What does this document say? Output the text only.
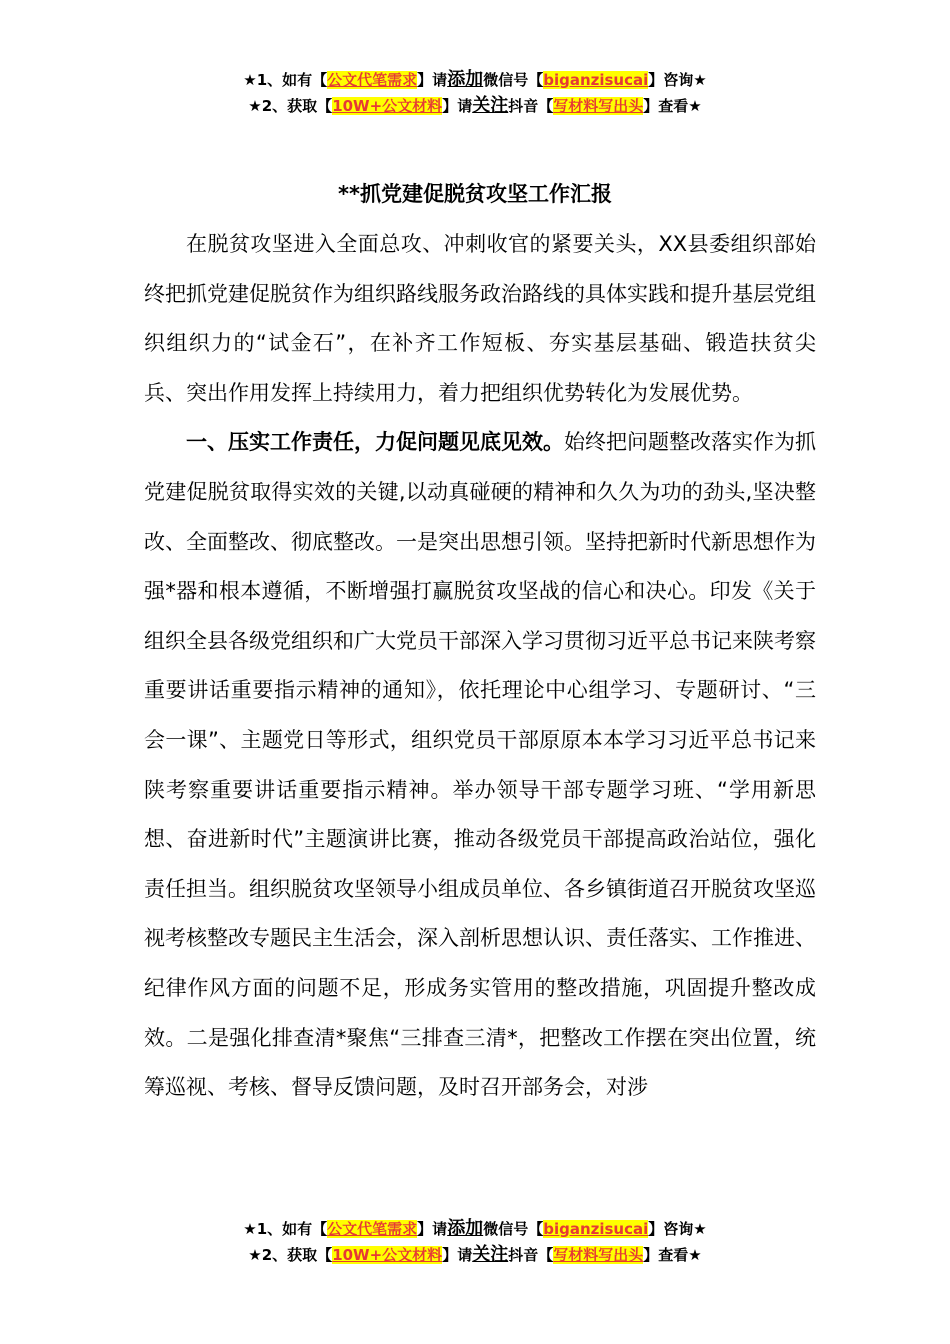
★1、如有【公文代笔需求】请添加微信号【biganzisucai】咨询★
★2、获取【10W+公文材料】请关注抖音【写材料写出头】查看★
**抓党建促脱贫攻坚工作汇报

在脱贫攻坚进入全面总攻、冲刺收官的紧要关头，XX县委组织部始终把抓党建促脱贫作为组织路线服务政治路线的具体实践和提升基层党组织组织力的“试金石”，在补齐工作短板、夯实基层基础、锻造扶贫尖兵、突出作用发挥上持续用力，着力把组织优势转化为发展优势。

一、压实工作责任，力促问题见底见效。始终把问题整改落实作为抓党建促脱贫取得实效的关键,以动真碰硬的精神和久久为功的劲头,坚决整改、全面整改、彻底整改。一是突出思想引领。坚持把新时代新思想作为强*器和根本遵循，不断增强打赢脱贫攻坚战的信心和决心。印发《关于组织全县各级党组织和广大党员干部深入学习贯彻习近平总书记来陕考察重要讲话重要指示精神的通知》，依托理论中心组学习、专题研讨、“三会一课”、主题党日等形式，组织党员干部原原本本学习习近平总书记来陕考察重要讲话重要指示精神。举办领导干部专题学习班、“学用新思想、奋进新时代”主题演讲比赛，推动各级党员干部提高政治站位，强化责任担当。组织脱贫攻坚领导小组成员单位、各乡镇街道召开脱贫攻坚巡视考核整改专题民主生活会，深入剖析思想认识、责任落实、工作推进、纪律作风方面的问题不足，形成务实管用的整改措施，巩固提升整改成效。二是强化排查清*聚焦“三排查三清*，把整改工作摆在突出位置，统筹巡视、考核、督导反馈问题，及时召开部务会，对涉

★1、如有【公文代笔需求】请添加微信号【biganzisucai】咨询★
★2、获取【10W+公文材料】请关注抖音【写材料写出头】查看★
